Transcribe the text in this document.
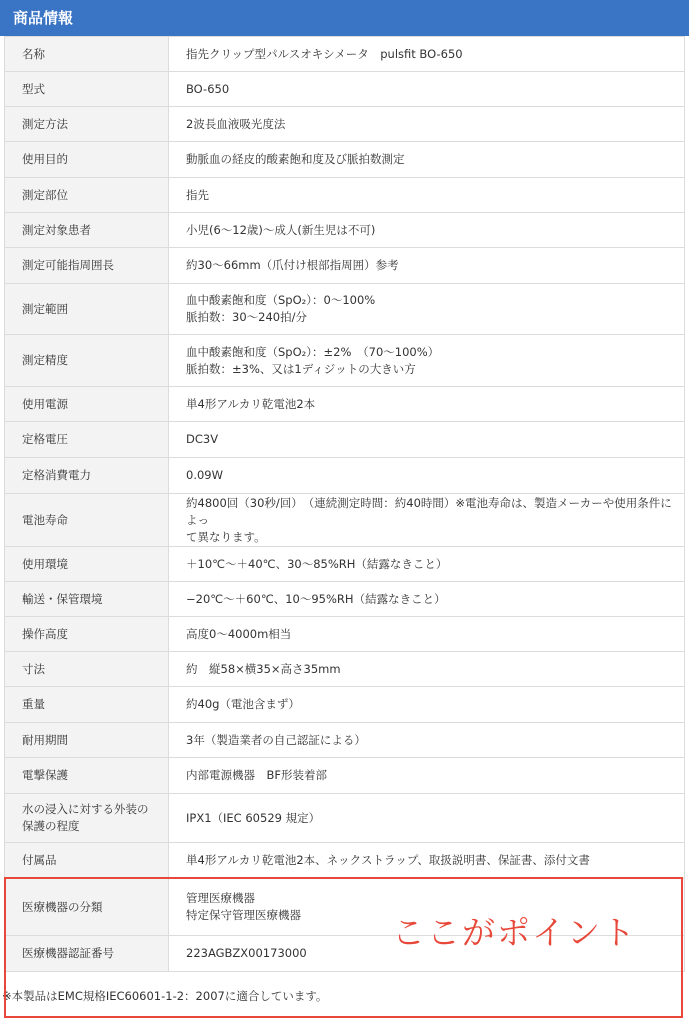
商品情報
名称	指先クリップ型パルスオキシメータ　pulsfit BO-650

型式	BO-650

測定方法	2波長血液吸光度法

使用目的	動脈血の経皮的酸素飽和度及び脈拍数測定

測定部位	指先

測定対象患者	小児(6〜12歳)〜成人(新生児は不可)

測定可能指周囲長	約30〜66mm（爪付け根部指周囲）参考

測定範囲	血中酸素飽和度（SpO₂）：0〜100%
脈拍数：30〜240拍/分

測定精度	血中酸素飽和度（SpO₂）：±2%　（70〜100%）
脈拍数：±3%、又は1ディジットの大きい方

使用電源	単4形アルカリ乾電池2本

定格電圧	DC3V

定格消費電力	0.09W

電池寿命	約4800回（30秒/回）　（連続測定時間：約40時間）※電池寿命は、製造メーカーや使用条件によっ
て異なります。

使用環境	＋10℃〜＋40℃、30〜85%RH（結露なきこと）

輸送・保管環境	−20℃〜＋60℃、10〜95%RH（結露なきこと）

操作高度	高度0〜4000m相当

寸法	約　縦58×横35×高さ35mm

重量	約40g（電池含まず）

耐用期間	3年（製造業者の自己認証による）

電撃保護	内部電源機器　BF形装着部

水の浸入に対する外装の保護の程度	IPX1（IEC 60529 規定）

付属品	単4形アルカリ乾電池2本、ネックストラップ、取扱説明書、保証書、添付文書

医療機器の分類	管理医療機器
特定保守管理医療機器

医療機器認証番号	223AGBZX00173000
※本製品はEMC規格IEC60601-1-2：2007に適合しています。
ここがポイント
